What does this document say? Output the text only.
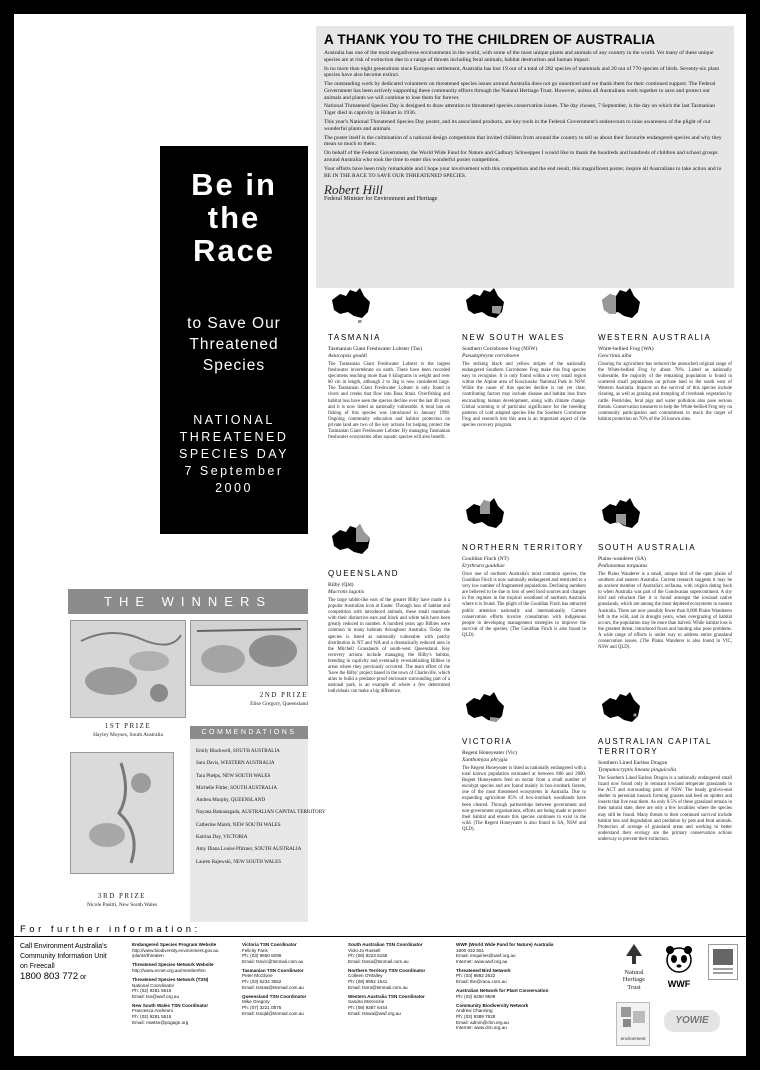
A THANK YOU TO THE CHILDREN OF AUSTRALIA

Australia has one of the most megadiverse environments in the world, with some of the most unique plants and animals of any country in the world. Yet many of these unique species are at risk of extinction due to a range of threats including feral animals, habitat destruction and human impact.

In no more than eight generations since European settlement, Australia has lost 19 out of a total of 282 species of mammals and 20 out of 770 species of birds. Seventy-six plant species have also become extinct.

The outstanding work by dedicated volunteers on threatened species issues around Australia does not go unnoticed and we thank them for their continued support. The Federal Government has been actively supporting these community efforts through the Natural Heritage Trust. However, unless all Australians work together to save and protect our animals and plants we will continue to lose them for forever.

National Threatened Species Day is designed to draw attention to threatened species conservation issues. The day chosen, 7 September, is the day on which the last Tasmanian Tiger died in captivity in Hobart in 1936.

This year's National Threatened Species Day poster, and its associated products, are key tools in the Federal Government's endeavours to raise awareness of the plight of our wonderful plants and animals.

The poster itself is the culmination of a national design competition that invited children from around the country to tell us about their favourite endangered species and why they mean so much to them.

On behalf of the Federal Government, the World Wide Fund for Nature and Cadbury Schweppes I would like to thank the hundreds and hundreds of children and school groups around Australia who took the time to enter this wonderful poster competition.

Your efforts have been truly remarkable and I hope your involvement with this competition and the end result, this magnificent poster, inspire all Australians to take action and to BE IN THE RACE TO SAVE OUR THREATENED SPECIES.

Robert Hill
Federal Minister for Environment and Heritage
Be in
the
Race
to Save Our
Threatened
Species
NATIONAL
THREATENED
SPECIES DAY
7 September
2000
THE WINNERS
1ST PRIZE
Hayley Moyses, South Australia
2ND PRIZE
Elise Gregory, Queensland
3RD PRIZE
Nicole Pasitti, New South Wales
COMMENDATIONS
Emily Blackwell, SOUTH AUSTRALIA
Sara Davis, WESTERN AUSTRALIA
Tara Phelps, NEW SOUTH WALES
Michelle Fittler, SOUTH AUSTRALIA
Andrea Murphy, QUEENSLAND
Nayana Ratnanagada, AUSTRALIAN CAPITAL TERRITORY
Catherine Marsh, NEW SOUTH WALES
Katrina Day, VICTORIA
Amy Diana Louise Pfitzner, SOUTH AUSTRALIA
Lauren Rajewski, NEW SOUTH WALES
TASMANIA
Tasmanian Giant Freshwater Lobster (Tas)
Astacopsis gouldi
The Tasmanian Giant Freshwater Lobster is the largest freshwater invertebrate on earth. There have been recorded specimens reaching more than 6 kilograms in weight and over 80 cm in length, although 2 to 3kg is now considered large. The Tasmanian Giant Freshwater Lobster is only found in rivers and creeks that flow into Bass Strait. Overfishing and habitat loss have seen the species decline over the last 40 years and it is now listed as nationally vulnerable. A total ban on fishing of this species was introduced in January 1998. Ongoing community education and habitat protection on private land are two of the key actions for helping protect the Tasmanian Giant Freshwater Lobster. By managing Tasmanian freshwater ecosystems other aquatic species will also benefit.
NEW SOUTH WALES
Southern Corroboree Frog (NSW)
Pseudophryne corroboree
The striking black and yellow stripes of the nationally endangered Southern Corroboree Frog make this frog species easy to recognise. It is only found within a very small region within the Alpine area of Kosciuszko National Park in NSW. While the cause of this species decline is not yet clear, contributing factors may include disease and habitat loss from encroaching human development, along with climate change. Global warming is of particular significance for the breeding patterns of cold adapted species like the Southern Corroboree Frog and research into this area is an important aspect of the species recovery program.
WESTERN AUSTRALIA
White-bellied Frog (WA)
Geocrinia alba
Clearing for agriculture has reduced the untouched original range of the White-bellied Frog by about 70%. Listed as nationally vulnerable, the majority of the remaining population is found in scattered small populations on private land in the south west of Western Australia. Impacts on the survival of this species include clearing, as well as grazing and trampling of riverbank vegetation by cattle. Pesticides, feral pigs and water pollution also pose serious threats. Conservation measures to help the White-bellied Frog rely on community participation and commitment to reach the target of habitat protection on 70% of the 50 known sites.
QUEENSLAND
Bilby (Qld)
Macrotis lagotis
The large rabbit-like ears of the greater Bilby have made it a popular Australian icon at Easter. Through loss of habitat and competition with introduced animals, these small mammals with their distinctive ears and black and white tails have been greatly reduced in number. A hundred years ago Bilbies were common in many habitats throughout Australia. Today the species is listed as nationally vulnerable with patchy distribution in NT and WA and a dramatically reduced area in the Mitchell Grasslands of south-west Queensland. Key recovery actions include managing the Bilby's habitat, breeding in captivity and eventually re-establishing Bilbies in areas where they previously occurred. The team effort of the 'Save the Bilby' project based in the town of Charleville, which aims to build a predator-proof enclosure surrounding part of a national park, is an example of where a few determined individuals can make a big difference.
NORTHERN TERRITORY
Gouldian Finch (NT)
Erythrura gouldiae
Once one of northern Australia's most common species, the Gouldian Finch is now nationally endangered and restricted to a very low number of fragmented populations. Declining numbers are believed to be due to loss of seed food sources and changes in fire regimes in the tropical woodland of northern Australia where it is found. The plight of the Gouldian Finch has attracted public attention nationally and internationally. Current conservation efforts involve consultation with indigenous people in developing management strategies to improve the survival of the species. (The Gouldian Finch is also found in QLD).
SOUTH AUSTRALIA
Plains-wanderer (SA)
Pedionomus torquatus
The Plains Wanderer is a small, unique bird of the open plains of southern and eastern Australia. Current research suggests it may be an ancient member of Australia's avifauna, with origins dating back to when Australia was part of the Gondwanan supercontinent. A shy bird and reluctant flier it is found amongst the lowland native grasslands, which are among the most depleted ecosystems in eastern Australia. There are now possibly fewer than 8,000 Plains Wanderers left in the wild, and in drought years, when overgrazing of habitat occurs, the population may be more than halved. While habitat loss is the greatest threat, introduced foxes and hunting also pose problems. A wide range of efforts is under way to address entire grassland conservation issues. (The Plains Wanderer is also found in VIC, NSW and QLD).
VICTORIA
Regent Honeyeater (Vic)
Xanthomyza phrygia
The Regent Honeyeater is listed as nationally endangered with a total known population estimated at between 800 and 2000. Regent Honeyeaters feed on nectar from a small number of eucalypt species and are found mainly in box-ironbark forests, one of the most threatened ecosystems in Australia. Due to expanding agriculture 85% of box-ironbark woodlands have been cleared. Through partnerships between government and non-government organisations, efforts are being made to protect their habitat and ensure this species continues to exist in the wild. (The Regent Honeyeater is also found in SA, NSW and QLD).
AUSTRALIAN CAPITAL TERRITORY
Southern Lined Earless Dragon
Tympanocryptis lineata pinguicolla
The Southern Lined Earless Dragon is a nationally endangered small lizard now found only in remnant lowland temperate grasslands in the ACT and surrounding parts of NSW. The beady grub-to-seal shelter in perennial tussock forming grasses and feed on spiders and insects that live near them. As only 0.5% of these grassland remain in their natural state, there are only a few localities where the species may still be found. Many threats to their continued survival include habitat loss and degradation and predation by pets and feral animals. Protection of acreage of grassland areas and working to better understand their ecology are the primary conservation actions underway to prevent their extinction.
For further information:
Call Environment Australia's
Community Information Unit
on Freecall
1800 803 772 or
Endangered Species Program Website
http://www.biodiversity.environment.gov.au
/plants/threaten
Threatened Species Network Website
http://www.ecnet.org.au/member/tsn
Threatened Species Network (TSN)
National Coordinator
Ph: (02) 9281 5515
Email: tsn@wwf.org.au
New South Wales TSN Coordinator
Francesca Andreoni
Ph: (02) 9281 5515
Email: nswtsn@pogagn.org
Victoria TSN Coordinator
Felicity Faris
Ph: (03) 9650 8296
Email: tsnvic@tsnmail.com.au
Tasmanian TSN Coordinator
Peter McGlone
Ph: (03) 6234 3552
Email: tsntas@tsnmail.com.au
Queensland TSN Coordinator
Mike Gregory
Ph: (07) 3221 0575
Email: tsnqld@tsnmail.com.au
South Australian TSN Coordinator
Vicki-Jo Russell
Ph: (08) 8223 5155
Email: tsnsa@tsnmail.com.au
Northern Territory TSN Coordinator
Colleen O'Malley
Ph: (08) 8952 1541
Email: tsnnt@tsnmail.com.au
Western Australia TSN Coordinator
Sandra McKenzie
Ph: (08) 9387 6444
Email: tsnwa@wwf.org.au
WWF (World Wide Fund for Nature) Australia
1800 032 551
Email: enquiries@wwf.org.au
Internet: www.wwf.org.au
Threatened Bird Network
Ph: (03) 9882 2622
Email: tbn@raou.com.au
Australian Network for Plant Conservation
Ph: (02) 6250 9509
Community Biodiversity Network
Andrew Channing
Ph: (02) 9389 7628
Email: admin@cbn.org.au
Internet: www.cbn.org.au
Natural
Heritage
Trust	WWF
environment
YOWIE
